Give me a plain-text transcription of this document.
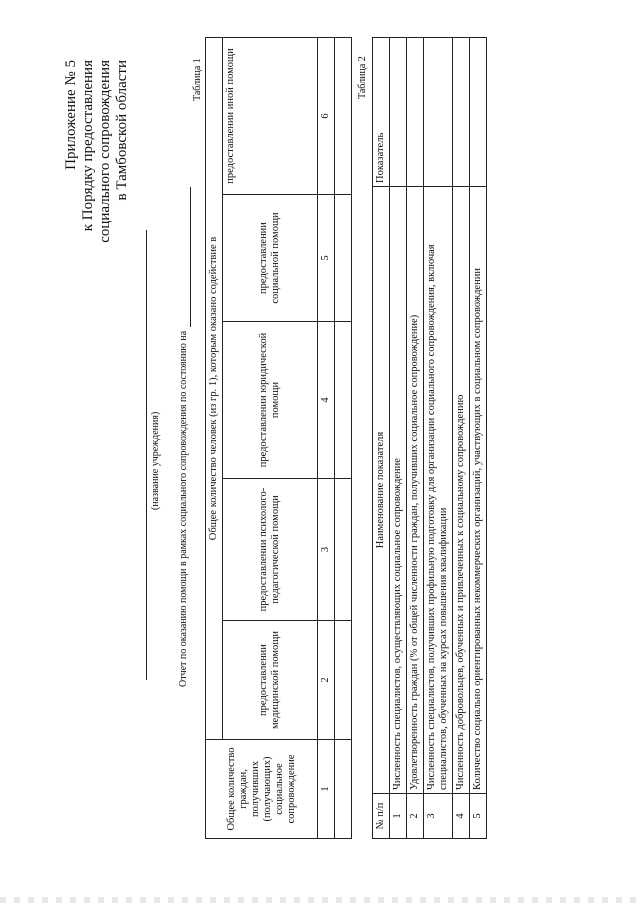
Приложение № 5 к Порядку предоставления социального сопровождения в Тамбовской области
(название учреждения) Отчет по оказанию помощи в рамках социального сопровождения по состоянию на
Таблица 1
Общее количество граждан, получивших (получающих) социальное сопровождение	Общее количество человек (из гр. 1), которым оказано содействие в				
	предоставлении медицинской помощи	предоставлении психолого-педагогической помощи	предоставлении юридической помощи	предоставлении социальной помощи	предоставлении иной помощи
1	2	3	4	5	6

Таблица 2
№ п/п	Наименование показателя	Показатель
1	Численность специалистов, осуществляющих социальное сопровождение	
2	Удовлетворенность граждан (% от общей численности граждан, получивших социальное сопровождение)	
3	Численность специалистов, получивших профильную подготовку для организации социального сопровождения, включая специалистов, обученных на курсах повышения квалификации	
4	Численность добровольцев, обученных и привлеченных к социальному сопровождению	
5	Количество социально ориентированных некоммерческих организаций, участвующих в социальном сопровождении	
